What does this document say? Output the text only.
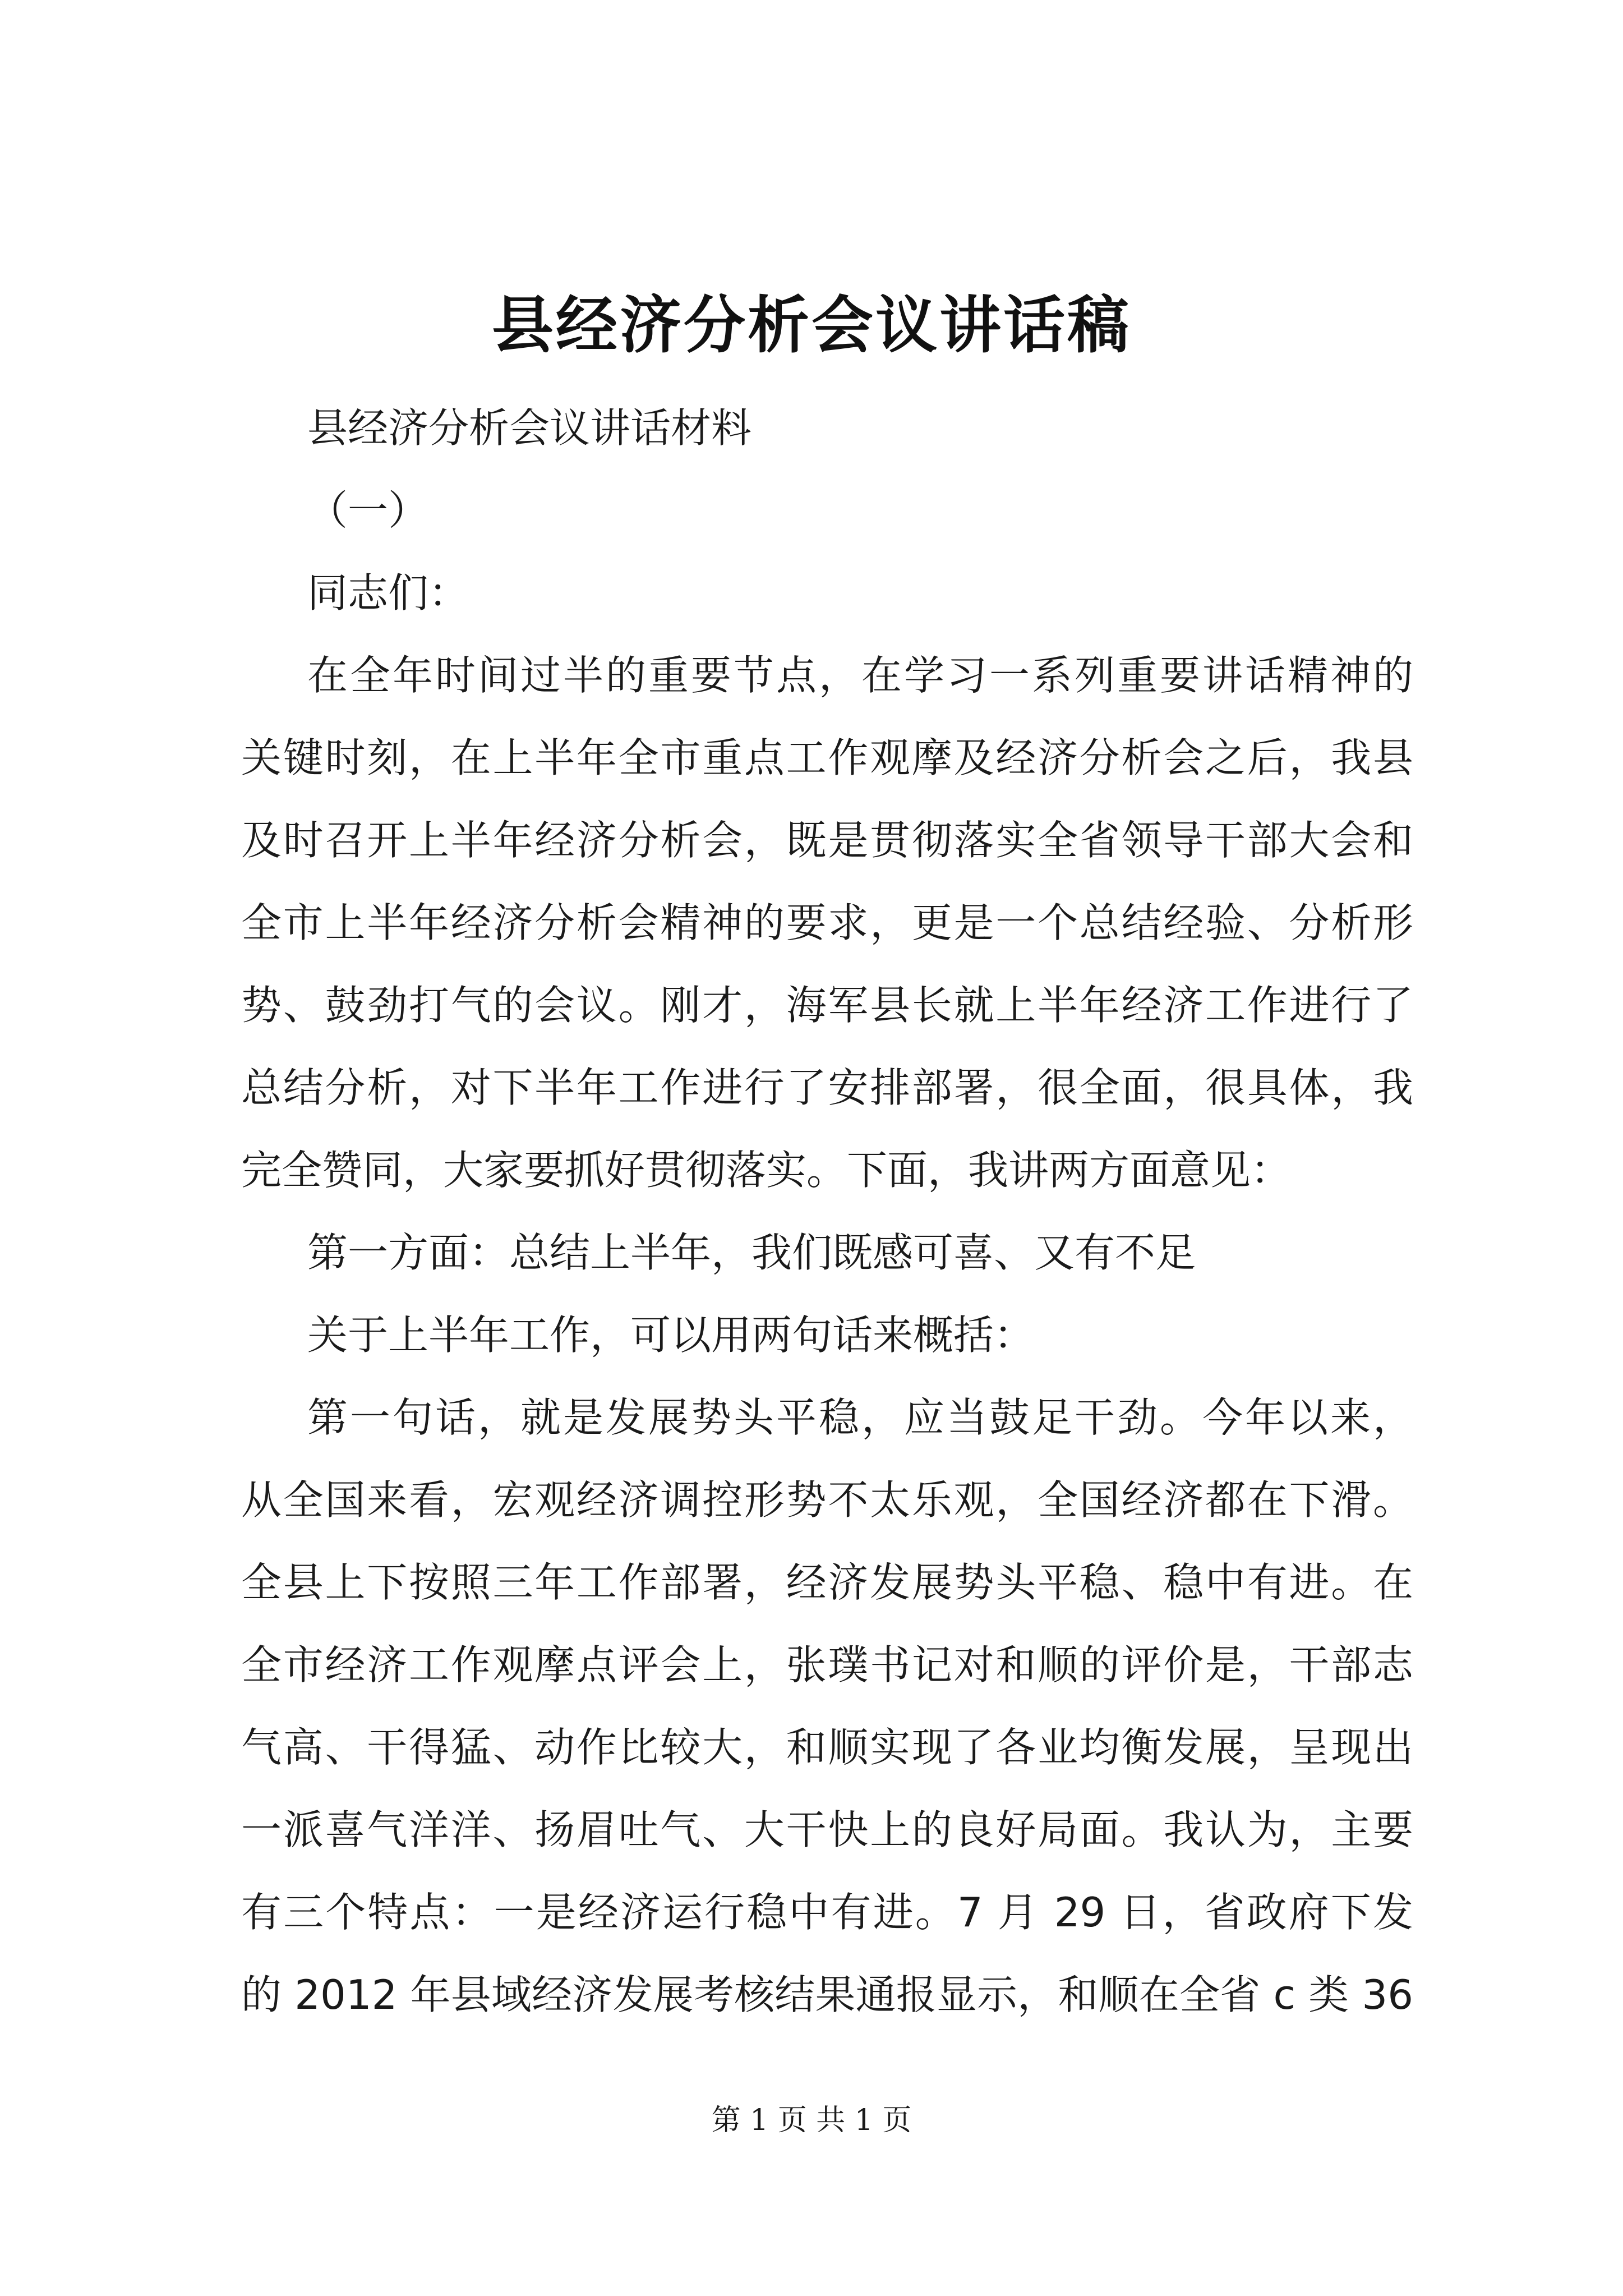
县经济分析会议讲话稿
县经济分析会议讲话材料
（一）
同志们：
在全年时间过半的重要节点，在学习一系列重要讲话精神的
关键时刻，在上半年全市重点工作观摩及经济分析会之后，我县
及时召开上半年经济分析会，既是贯彻落实全省领导干部大会和
全市上半年经济分析会精神的要求，更是一个总结经验、分析形
势、鼓劲打气的会议。刚才，海军县长就上半年经济工作进行了
总结分析，对下半年工作进行了安排部署，很全面，很具体，我
完全赞同，大家要抓好贯彻落实。下面，我讲两方面意见：
第一方面：总结上半年，我们既感可喜、又有不足
关于上半年工作，可以用两句话来概括：
第一句话，就是发展势头平稳，应当鼓足干劲。今年以来，
从全国来看，宏观经济调控形势不太乐观，全国经济都在下滑。
全县上下按照三年工作部署，经济发展势头平稳、稳中有进。在
全市经济工作观摩点评会上，张璞书记对和顺的评价是，干部志
气高、干得猛、动作比较大，和顺实现了各业均衡发展，呈现出
一派喜气洋洋、扬眉吐气、大干快上的良好局面。我认为，主要
有三个特点：一是经济运行稳中有进。7 月 29 日，省政府下发
的 2012 年县域经济发展考核结果通报显示，和顺在全省 c 类 36
第 1 页 共 1 页
